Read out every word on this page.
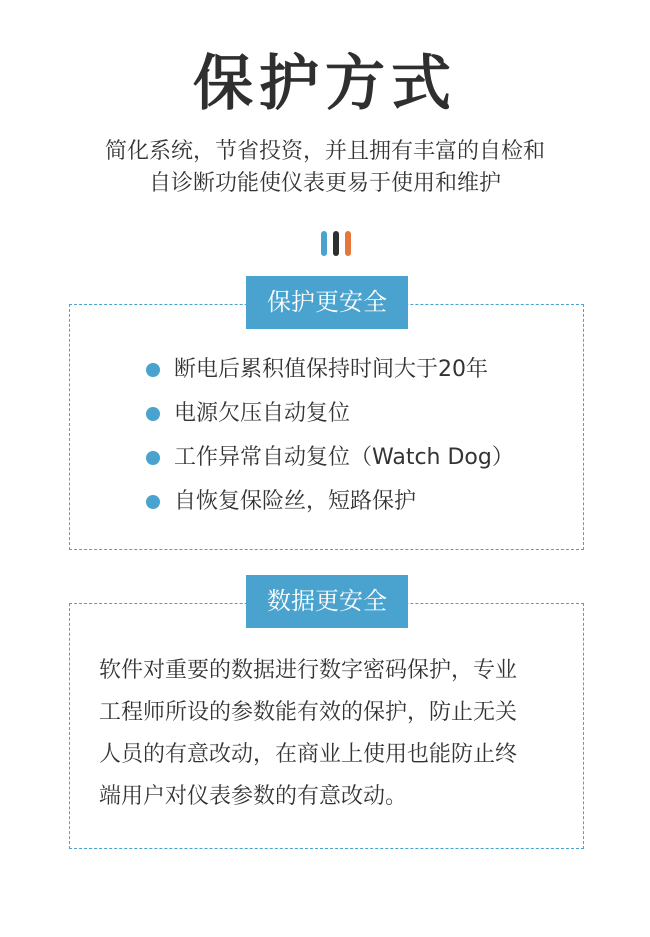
保护方式
简化系统，节省投资，并且拥有丰富的自检和
自诊断功能使仪表更易于使用和维护
保护更安全
断电后累积值保持时间大于20年
电源欠压自动复位
工作异常自动复位（Watch Dog）
自恢复保险丝，短路保护
数据更安全
软件对重要的数据进行数字密码保护，专业
工程师所设的参数能有效的保护，防止无关
人员的有意改动，在商业上使用也能防止终
端用户对仪表参数的有意改动。
